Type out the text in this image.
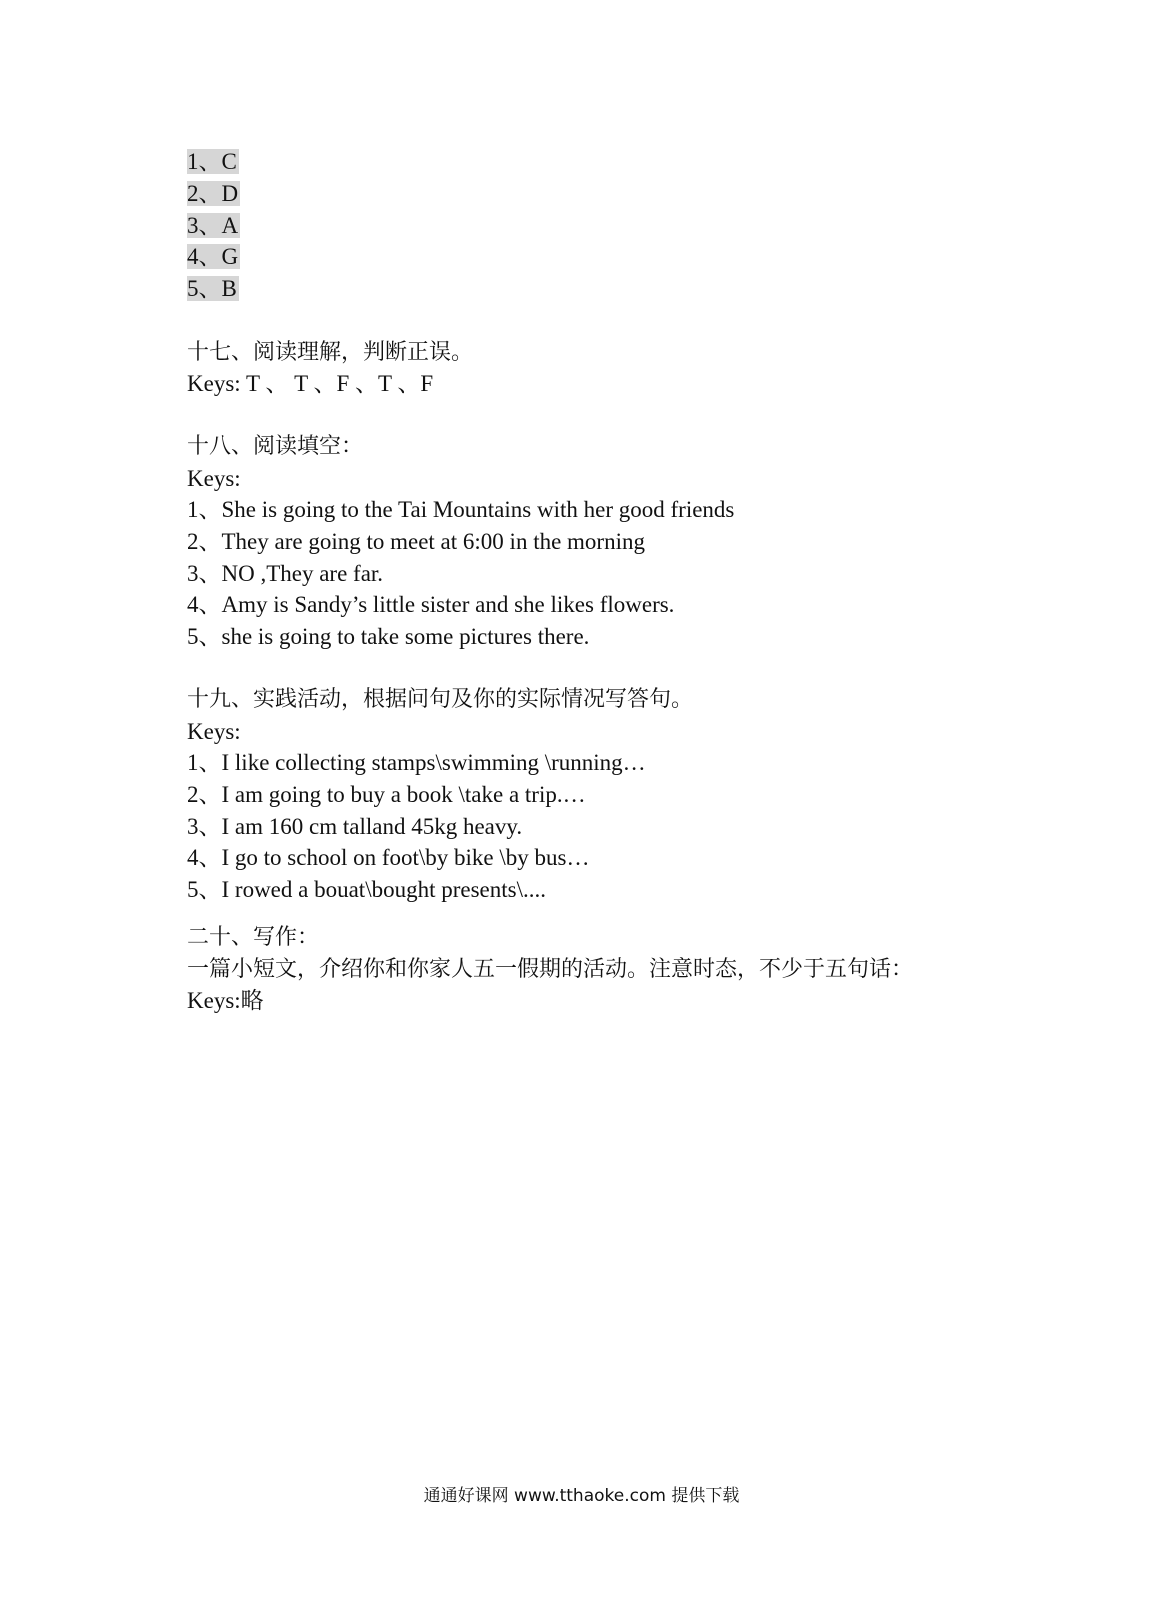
1、C
2、D
3、A
4、G
5、B
十七、阅读理解，判断正误。
Keys: T 、 T 、F 、T 、F
十八、阅读填空：
Keys:
1、She is going to the Tai Mountains with her good friends
2、They are going to meet at 6:00 in the morning
3、NO ,They are far.
4、Amy is Sandy’s little sister and she likes flowers.
5、she is going to take some pictures there.
十九、实践活动，根据问句及你的实际情况写答句。
Keys:
1、I like collecting stamps\swimming \running…
2、I am going to buy a book \take a trip.…
3、I am 160 cm talland 45kg heavy.
4、I go to school on foot\by bike \by bus…
5、I rowed a bouat\bought presents\....
二十、写作：
一篇小短文，介绍你和你家人五一假期的活动。注意时态，不少于五句话：
Keys:略
通通好课网 www.tthaoke.com 提供下载
